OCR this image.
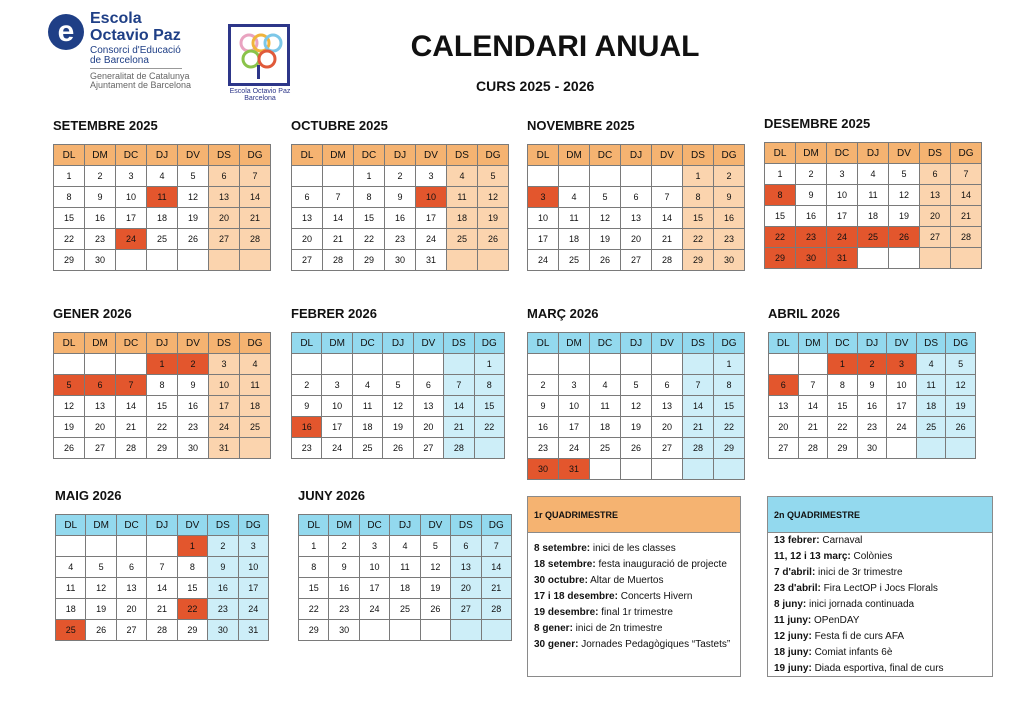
e Escola
Octavio Paz
Consorci d'Educació
de Barcelona
Generalitat de Catalunya
Ajuntament de Barcelona
Escola Octavio Paz
Barcelona
CALENDARI ANUAL
CURS 2025 - 2026
SETEMBRE 2025
DL	DM	DC	DJ	DV	DS	DG
1	2	3	4	5	6	7
8	9	10	11	12	13	14
15	16	17	18	19	20	21
22	23	24	25	26	27	28
29	30					
OCTUBRE 2025
DL	DM	DC	DJ	DV	DS	DG
		1	2	3	4	5
6	7	8	9	10	11	12
13	14	15	16	17	18	19
20	21	22	23	24	25	26
27	28	29	30	31		
NOVEMBRE 2025
DL	DM	DC	DJ	DV	DS	DG
					1	2
3	4	5	6	7	8	9
10	11	12	13	14	15	16
17	18	19	20	21	22	23
24	25	26	27	28	29	30
DESEMBRE 2025
DL	DM	DC	DJ	DV	DS	DG
1	2	3	4	5	6	7
8	9	10	11	12	13	14
15	16	17	18	19	20	21
22	23	24	25	26	27	28
29	30	31				
GENER 2026
DL	DM	DC	DJ	DV	DS	DG
			1	2	3	4
5	6	7	8	9	10	11
12	13	14	15	16	17	18
19	20	21	22	23	24	25
26	27	28	29	30	31	
FEBRER 2026
DL	DM	DC	DJ	DV	DS	DG
						1
2	3	4	5	6	7	8
9	10	11	12	13	14	15
16	17	18	19	20	21	22
23	24	25	26	27	28	
MARÇ 2026
DL	DM	DC	DJ	DV	DS	DG
						1
2	3	4	5	6	7	8
9	10	11	12	13	14	15
16	17	18	19	20	21	22
23	24	25	26	27	28	29
30	31					
ABRIL 2026
DL	DM	DC	DJ	DV	DS	DG
		1	2	3	4	5
6	7	8	9	10	11	12
13	14	15	16	17	18	19
20	21	22	23	24	25	26
27	28	29	30			
MAIG 2026
DL	DM	DC	DJ	DV	DS	DG
				1	2	3
4	5	6	7	8	9	10
11	12	13	14	15	16	17
18	19	20	21	22	23	24
25	26	27	28	29	30	31
JUNY 2026
DL	DM	DC	DJ	DV	DS	DG
1	2	3	4	5	6	7
8	9	10	11	12	13	14
15	16	17	18	19	20	21
22	23	24	25	26	27	28
29	30					
1r QUADRIMESTRE
8 setembre: inici de les classes
18 setembre: festa inauguració de projecte
30 octubre: Altar de Muertos
17 i 18 desembre: Concerts Hivern
19 desembre: final 1r trimestre
8 gener: inici de 2n trimestre
30 gener: Jornades Pedagògiques “Tastets”
2n QUADRIMESTRE
13 febrer: Carnaval
11, 12 i 13 març: Colònies
7 d'abril: inici de 3r trimestre
23 d'abril: Fira LectOP i Jocs Florals
8 juny: inici jornada continuada
11 juny: OPenDAY
12 juny: Festa fi de curs AFA
18 juny: Comiat infants 6è
19 juny: Diada esportiva, final de curs
